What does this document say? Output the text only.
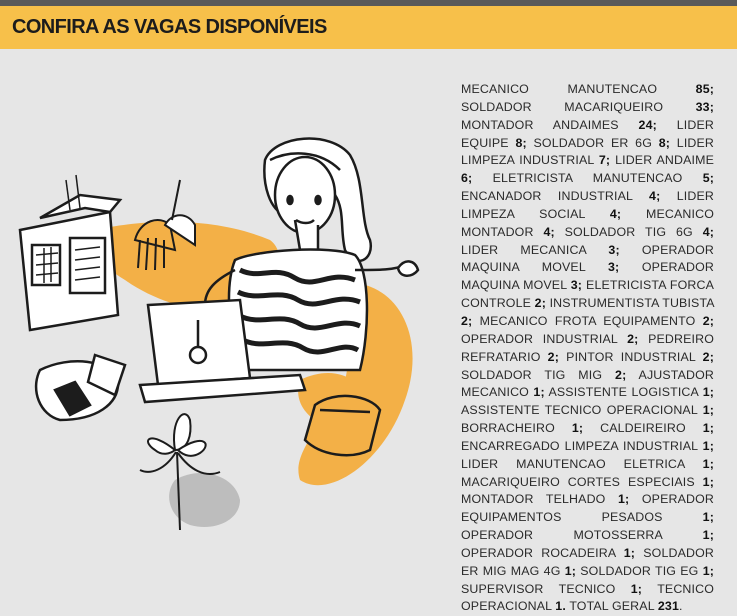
CONFIRA AS VAGAS DISPONÍVEIS
MECANICO MANUTENCAO	85; SOLDADOR MACARIQUEIRO	33; MONTADOR ANDAIMES 24; LIDER EQUIPE 8; SOLDADOR ER 6G 8; LIDER LIMPEZA INDUSTRIAL 7; LIDER ANDAIME 6; ELETRICISTA MANUTENCAO 5; ENCANADOR INDUSTRIAL 4; LIDER LIMPEZA SOCIAL 4; MECANICO MONTADOR 4; SOLDADOR TIG 6G 4; LIDER MECANICA 3; OPERADOR MAQUINA MOVEL 3; OPERADOR MAQUINA MOVEL 3; ELETRICISTA FORCA CONTROLE 2; INSTRUMENTISTA TUBISTA 2; MECANICO FROTA EQUIPAMENTO 2; OPERADOR INDUSTRIAL 2; PEDREIRO REFRATARIO 2; PINTOR INDUSTRIAL 2; SOLDADOR TIG MIG 2; AJUSTADOR MECANICO 1; ASSISTENTE LOGISTICA 1; ASSISTENTE TECNICO OPERACIONAL 1; BORRACHEIRO 1; CALDEIREIRO 1; ENCARREGADO LIMPEZA INDUSTRIAL 1; LIDER MANUTENCAO ELETRICA 1; MACARIQUEIRO CORTES ESPECIAIS 1; MONTADOR TELHADO 1; OPERADOR EQUIPAMENTOS PESADOS	1; OPERADOR MOTOSSERRA	1; OPERADOR ROCADEIRA 1; SOLDADOR ER MIG MAG 4G 1; SOLDADOR TIG EG 1; SUPERVISOR TECNICO 1; TECNICO OPERACIONAL 1. TOTAL GERAL 231.
